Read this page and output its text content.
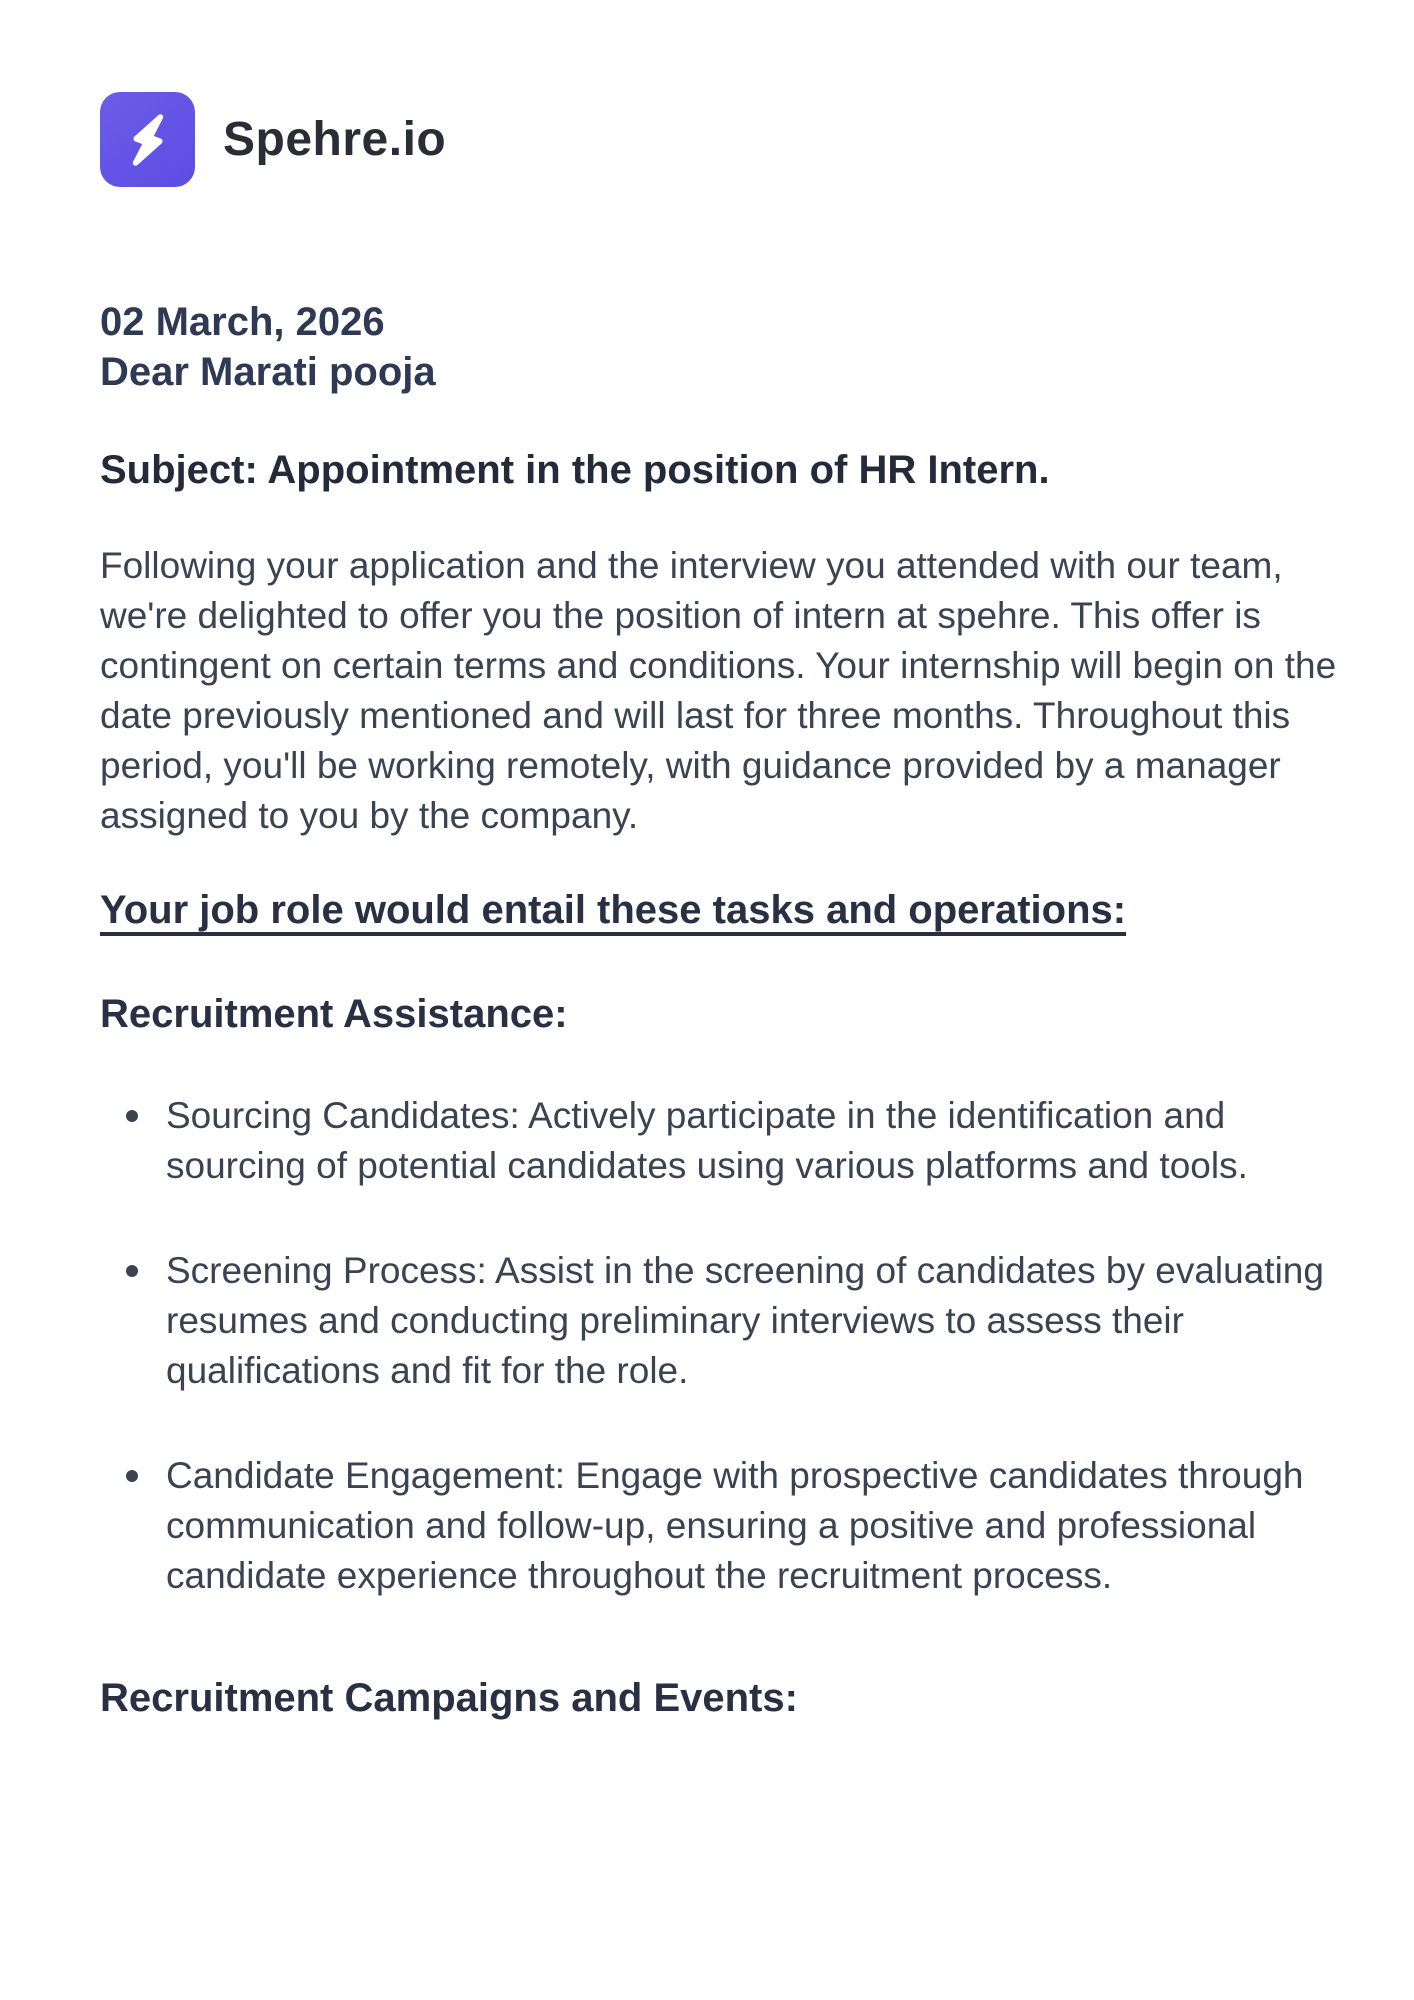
Spehre.io

02 March, 2026

Dear Marati pooja

Subject: Appointment in the position of HR Intern.

Following your application and the interview you attended with our team, we're delighted to offer you the position of intern at spehre. This offer is contingent on certain terms and conditions. Your internship will begin on the date previously mentioned and will last for three months. Throughout this period, you'll be working remotely, with guidance provided by a manager assigned to you by the company.

Your job role would entail these tasks and operations:
Recruitment Assistance:
Sourcing Candidates: Actively participate in the identification and sourcing of potential candidates using various platforms and tools.
Screening Process: Assist in the screening of candidates by evaluating resumes and conducting preliminary interviews to assess their qualifications and fit for the role.
Candidate Engagement: Engage with prospective candidates through communication and follow-up, ensuring a positive and professional candidate experience throughout the recruitment process.
Recruitment Campaigns and Events:
